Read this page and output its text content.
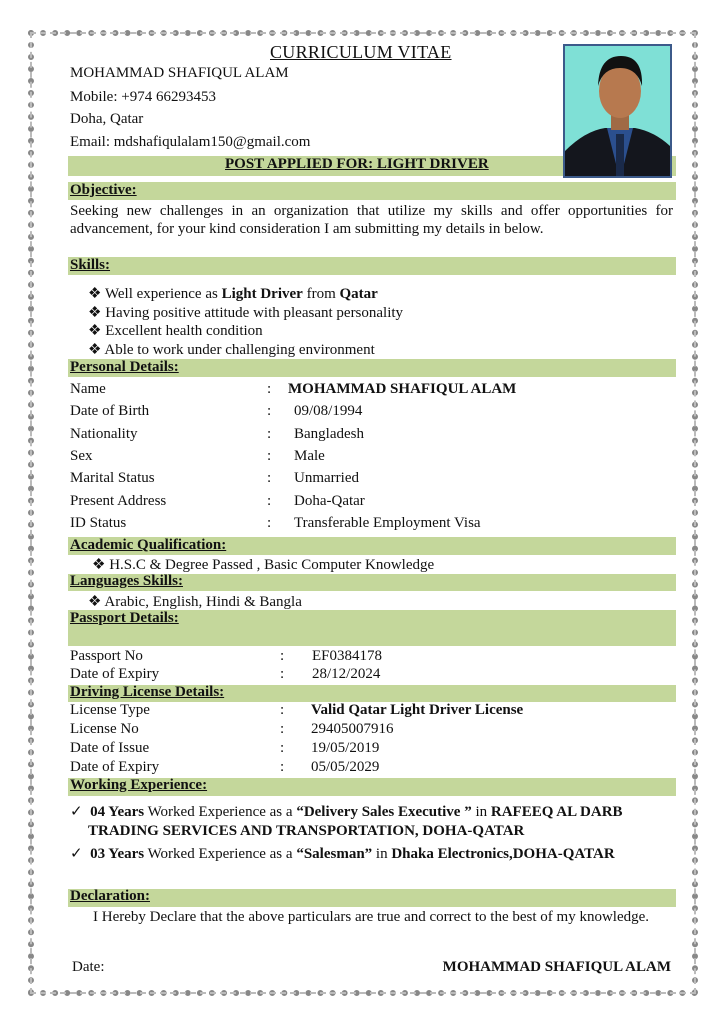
CURRICULUM VITAE
MOHAMMAD SHAFIQUL ALAM
Mobile: +974 66293453
Doha, Qatar
Email: mdshafiqulalam150@gmail.com
POST APPLIED FOR: LIGHT DRIVER
Objective:
Seeking new challenges in an organization that utilize my skills and offer opportunities for advancement, for your kind consideration I am submitting my details in below.
Skills:
❖ Well experience as Light Driver from Qatar
❖ Having positive attitude with pleasant personality
❖ Excellent health condition
❖ Able to work under challenging environment
Personal Details:
Name	: MOHAMMAD SHAFIQUL ALAM
Date of Birth	: 09/08/1994
Nationality	: Bangladesh
Sex	: Male
Marital Status	: Unmarried
Present Address	: Doha-Qatar
ID Status	: Transferable Employment Visa
Academic Qualification:
❖ H.S.C & Degree Passed , Basic Computer Knowledge
Languages Skills:
❖ Arabic, English, Hindi & Bangla
Passport Details:
Passport No	: EF0384178
Date of Expiry	: 28/12/2024
Driving License Details:
License Type	: Valid Qatar Light Driver License
License No	: 29405007916
Date of Issue	: 19/05/2019
Date of Expiry	: 05/05/2029
Working Experience:
✓ 04 Years Worked Experience as a “Delivery Sales Executive ” in RAFEEQ AL DARB TRADING SERVICES AND TRANSPORTATION, DOHA-QATAR
✓ 03 Years Worked Experience as a “Salesman” in Dhaka Electronics,DOHA-QATAR
Declaration:
I Hereby Declare that the above particulars are true and correct to the best of my knowledge.
Date:	MOHAMMAD SHAFIQUL ALAM
